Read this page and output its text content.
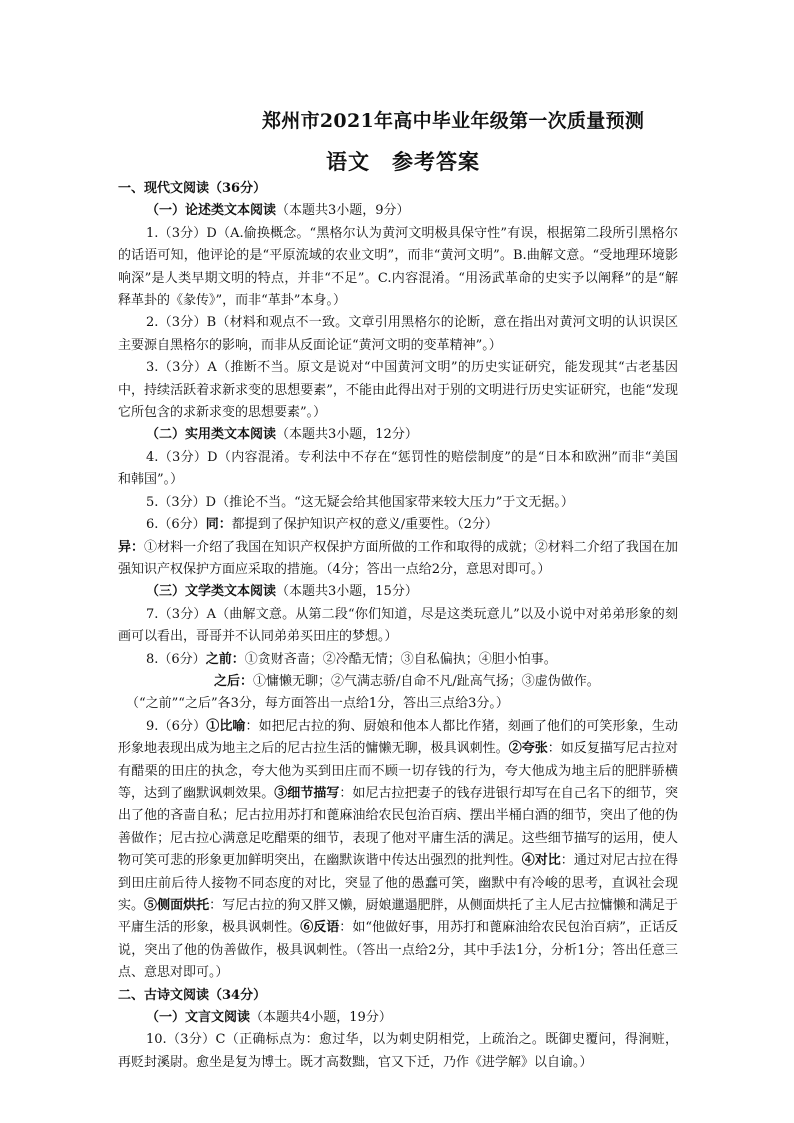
郑州市2021年高中毕业年级第一次质量预测
语文 参考答案

一、现代文阅读（36分）

（一）论述类文本阅读（本题共3小题，9分）

1.（3分）D（A.偷换概念。“黑格尔认为黄河文明极具保守性”有误，根据第二段所引黑格尔的话语可知，他评论的是“平原流域的农业文明”，而非“黄河文明”。B.曲解文意。“受地理环境影响深”是人类早期文明的特点，并非“不足”。C.内容混淆。“用汤武革命的史实予以阐释”的是“解释革卦的《彖传》”，而非“革卦”本身。）

2.（3分）B（材料和观点不一致。文章引用黑格尔的论断，意在指出对黄河文明的认识误区主要源自黑格尔的影响，而非从反面论证“黄河文明的变革精神”。）

3.（3分）A（推断不当。原文是说对“中国黄河文明”的历史实证研究，能发现其“古老基因中，持续活跃着求新求变的思想要素”，不能由此得出对于别的文明进行历史实证研究，也能“发现它所包含的求新求变的思想要素”。）

（二）实用类文本阅读（本题共3小题，12分）

4.（3分）D（内容混淆。专利法中不存在“惩罚性的赔偿制度”的是“日本和欧洲”而非“美国和韩国”。）

5.（3分）D（推论不当。“这无疑会给其他国家带来较大压力”于文无据。）

6.（6分）同：都提到了保护知识产权的意义/重要性。（2分）

异：①材料一介绍了我国在知识产权保护方面所做的工作和取得的成就；②材料二介绍了我国在加强知识产权保护方面应采取的措施。（4分；答出一点给2分，意思对即可。）

（三）文学类文本阅读（本题共3小题，15分）

7.（3分）A（曲解文意。从第二段“你们知道，尽是这类玩意儿”以及小说中对弟弟形象的刻画可以看出，哥哥并不认同弟弟买田庄的梦想。）

8.（6分）之前：①贪财吝啬；②冷酷无情；③自私偏执；④胆小怕事。

之后：①慵懒无聊；②气满志骄/自命不凡/趾高气扬；③虚伪做作。

（“之前”“之后”各3分，每方面答出一点给1分，答出三点给3分。）

9.（6分）①比喻：如把尼古拉的狗、厨娘和他本人都比作猪，刻画了他们的可笑形象，生动形象地表现出成为地主之后的尼古拉生活的慵懒无聊，极具讽刺性。②夸张：如反复描写尼古拉对有醋栗的田庄的执念，夸大他为买到田庄而不顾一切存钱的行为，夸大他成为地主后的肥胖骄横等，达到了幽默讽刺效果。③细节描写：如尼古拉把妻子的钱存进银行却写在自己名下的细节，突出了他的吝啬自私；尼古拉用苏打和蓖麻油给农民包治百病、摆出半桶白酒的细节，突出了他的伪善做作；尼古拉心满意足吃醋栗的细节，表现了他对平庸生活的满足。这些细节描写的运用，使人物可笑可悲的形象更加鲜明突出，在幽默诙谐中传达出强烈的批判性。④对比：通过对尼古拉在得到田庄前后待人接物不同态度的对比，突显了他的愚蠢可笑，幽默中有冷峻的思考，直讽社会现实。⑤侧面烘托：写尼古拉的狗又胖又懒，厨娘邋遢肥胖，从侧面烘托了主人尼古拉慵懒和满足于平庸生活的形象，极具讽刺性。⑥反语：如“他做好事，用苏打和蓖麻油给农民包治百病”，正话反说，突出了他的伪善做作，极具讽刺性。（答出一点给2分，其中手法1分，分析1分；答出任意三点、意思对即可。）

二、古诗文阅读（34分）

（一）文言文阅读（本题共4小题，19分）

10.（3分）C（正确标点为：愈过华，以为刺史阴相党，上疏治之。既御史覆问，得涧赃，再贬封溪尉。愈坐是复为博士。既才高数黜，官又下迁，乃作《进学解》以自谕。）
